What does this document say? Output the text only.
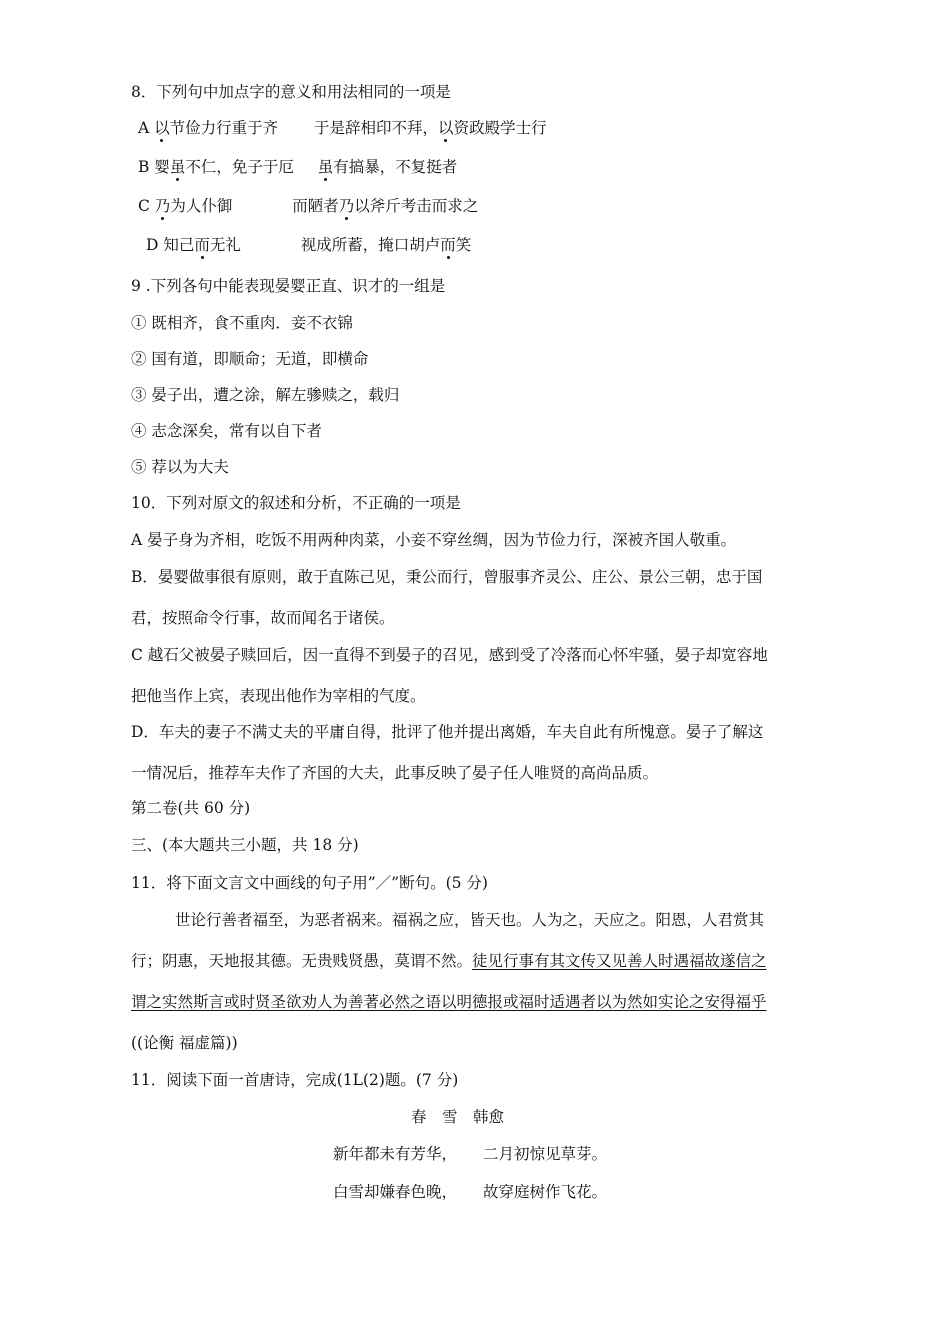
8．下列句中加点字的意义和用法相同的一项是
A 以节俭力行重于齐 于是辞相印不拜，以资政殿学士行
B 婴虽不仁，免子于厄 虽有搞暴，不复挺者
C 乃为人仆御	而陋者乃以斧斤考击而求之
D 知己而无礼	视成所蓄，掩口胡卢而笑
9 .下列各句中能表现晏婴正直、识才的一组是
① 既相齐，食不重肉．妾不衣锦
② 国有道，即顺命；无道，即横命
③ 晏子出，遭之涂，解左骖赎之，载归
④ 志念深矣，常有以自下者
⑤ 荐以为大夫
10．下列对原文的叙述和分析，不正确的一项是
A 晏子身为齐相，吃饭不用两种肉菜，小妾不穿丝绸，因为节俭力行，深被齐国人敬重。
B．晏婴做事很有原则，敢于直陈己见，秉公而行，曾服事齐灵公、庄公、景公三朝，忠于国
君，按照命令行事，故而闻名于诸侯。
C 越石父被晏子赎回后，因一直得不到晏子的召见，感到受了冷落而心怀牢骚，晏子却宽容地
把他当作上宾，表现出他作为宰相的气度。
D．车夫的妻子不满丈夫的平庸自得，批评了他并提出离婚，车夫自此有所愧意。晏子了解这
一情况后，推荐车夫作了齐国的大夫，此事反映了晏子任人唯贤的高尚品质。
第二卷(共 60 分)
三、(本大题共三小题，共 18 分)
11．将下面文言文中画线的句子用”／”断句。(5 分)
世论行善者福至，为恶者祸来。福祸之应，皆天也。人为之，天应之。阳恩，人君赏其
行；阴惠，天地报其德。无贵贱贤愚，莫谓不然。徒见行事有其文传又见善人时遇福故遂信之
谓之实然斯言或时贤圣欲劝人为善著必然之语以明德报或福时适遇者以为然如实论之安得福乎
((论衡 福虚篇))
11．阅读下面一首唐诗，完成(1L(2)题。(7 分)
春　雪　韩愈
新年都未有芳华， 二月初惊见草芽。
白雪却嫌春色晚， 故穿庭树作飞花。
